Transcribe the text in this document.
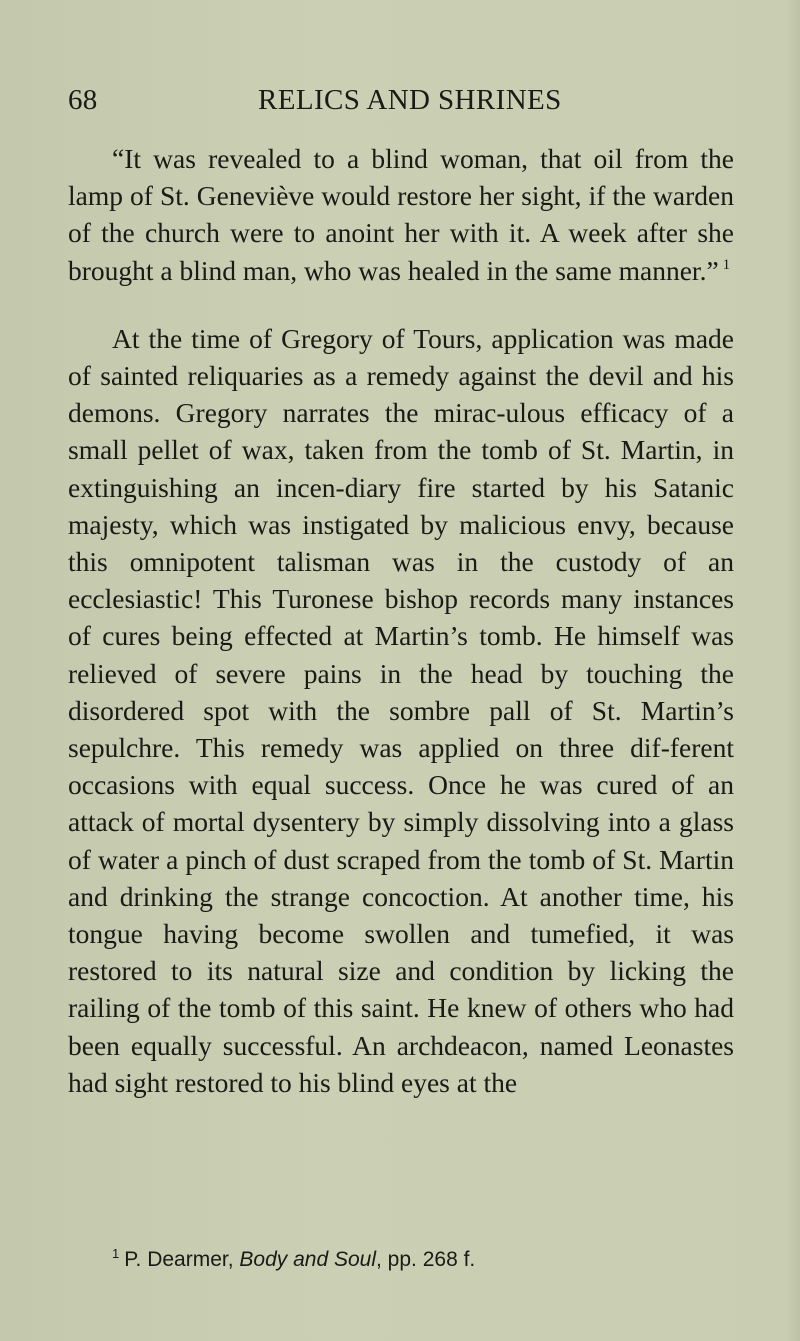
68	RELICS AND SHRINES

“It was revealed to a blind woman, that oil from the lamp of St. Geneviève would restore her sight, if the warden of the church were to anoint her with it. A week after she brought a blind man, who was healed in the same manner.” $^1$

At the time of Gregory of Tours, application was made of sainted reliquaries as a remedy against the devil and his demons. Gregory narrates the mirac-ulous efficacy of a small pellet of wax, taken from the tomb of St. Martin, in extinguishing an incen-diary fire started by his Satanic majesty, which was instigated by malicious envy, because this omnipotent talisman was in the custody of an ecclesiastic! This Turonese bishop records many instances of cures being effected at Martin’s tomb. He himself was relieved of severe pains in the head by touching the disordered spot with the sombre pall of St. Martin’s sepulchre. This remedy was applied on three dif-ferent occasions with equal success. Once he was cured of an attack of mortal dysentery by simply dissolving into a glass of water a pinch of dust scraped from the tomb of St. Martin and drinking the strange concoction. At another time, his tongue having become swollen and tumefied, it was restored to its natural size and condition by licking the railing of the tomb of this saint. He knew of others who had been equally successful. An archdeacon, named Leonastes had sight restored to his blind eyes at the

$^1$ P. Dearmer, Body and Soul, pp. 268 f.
